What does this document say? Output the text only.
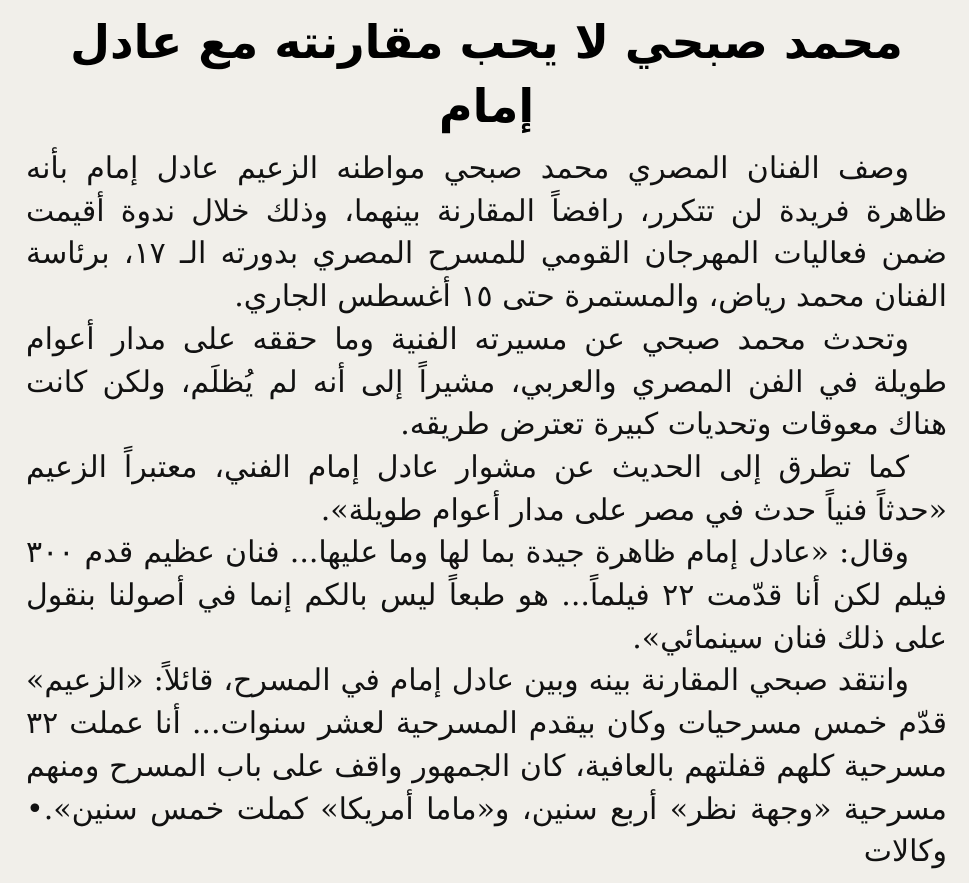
محمد صبحي لا يحب مقارنته مع عادل إمام

وصف الفنان المصري محمد صبحي مواطنه الزعيم عادل إمام بأنه ظاهرة فريدة لن تتكرر، رافضاً المقارنة بينهما، وذلك خلال ندوة أقيمت ضمن فعاليات المهرجان القومي للمسرح المصري بدورته الـ ١٧، برئاسة الفنان محمد رياض، والمستمرة حتى ١٥ أغسطس الجاري.

وتحدث محمد صبحي عن مسيرته الفنية وما حققه على مدار أعوام طويلة في الفن المصري والعربي، مشيراً إلى أنه لم يُظلَم، ولكن كانت هناك معوقات وتحديات كبيرة تعترض طريقه.

كما تطرق إلى الحديث عن مشوار عادل إمام الفني، معتبراً الزعيم «حدثاً فنياً حدث في مصر على مدار أعوام طويلة».

وقال: «عادل إمام ظاهرة جيدة بما لها وما عليها... فنان عظيم قدم ٣٠٠ فيلم لكن أنا قدّمت ٢٢ فيلماً... هو طبعاً ليس بالكم إنما في أصولنا بنقول على ذلك فنان سينمائي».

وانتقد صبحي المقارنة بينه وبين عادل إمام في المسرح، قائلاً: «الزعيم» قدّم خمس مسرحيات وكان بيقدم المسرحية لعشر سنوات... أنا عملت ٣٢ مسرحية كلهم قفلتهم بالعافية، كان الجمهور واقف على باب المسرح ومنهم مسرحية «وجهة نظر» أربع سنين، و«ماما أمريكا» كملت خمس سنين».• وكالات
